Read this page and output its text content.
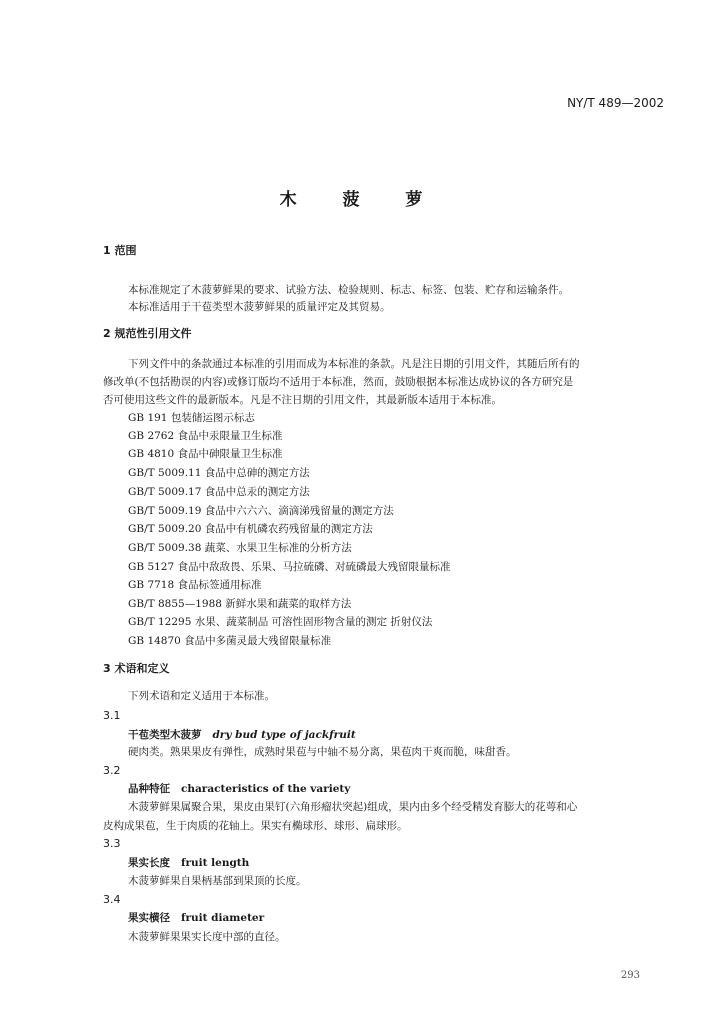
NY/T 489—2002
木 菠 萝
1 范围
本标准规定了木菠萝鲜果的要求、试验方法、检验规则、标志、标签、包装、贮存和运输条件。
本标准适用于干苞类型木菠萝鲜果的质量评定及其贸易。
2 规范性引用文件
下列文件中的条款通过本标准的引用而成为本标准的条款。凡是注日期的引用文件，其随后所有的
修改单(不包括勘误的内容)或修订版均不适用于本标准，然而，鼓励根据本标准达成协议的各方研究是
否可使用这些文件的最新版本。凡是不注日期的引用文件，其最新版本适用于本标准。
GB 191 包装储运图示标志
GB 2762 食品中汞限量卫生标准
GB 4810 食品中砷限量卫生标准
GB/T 5009.11 食品中总砷的测定方法
GB/T 5009.17 食品中总汞的测定方法
GB/T 5009.19 食品中六六六、滴滴涕残留量的测定方法
GB/T 5009.20 食品中有机磷农药残留量的测定方法
GB/T 5009.38 蔬菜、水果卫生标准的分析方法
GB 5127 食品中敌敌畏、乐果、马拉硫磷、对硫磷最大残留限量标准
GB 7718 食品标签通用标准
GB/T 8855—1988 新鲜水果和蔬菜的取样方法
GB/T 12295 水果、蔬菜制品 可溶性固形物含量的测定 折射仪法
GB 14870 食品中多菌灵最大残留限量标准
3 术语和定义
下列术语和定义适用于本标准。
3.1
干苞类型木菠萝 dry bud type of jackfruit
硬肉类。熟果果皮有弹性，成熟时果苞与中轴不易分离，果苞肉干爽而脆，味甜香。
3.2
品种特征 characteristics of the variety
木菠萝鲜果属聚合果，果皮由果钉(六角形瘤状突起)组成，果内由多个经受精发育膨大的花萼和心
皮构成果苞，生于肉质的花轴上。果实有椭球形、球形、扁球形。
3.3
果实长度 fruit length
木菠萝鲜果自果柄基部到果顶的长度。
3.4
果实横径 fruit diameter
木菠萝鲜果果实长度中部的直径。
293
